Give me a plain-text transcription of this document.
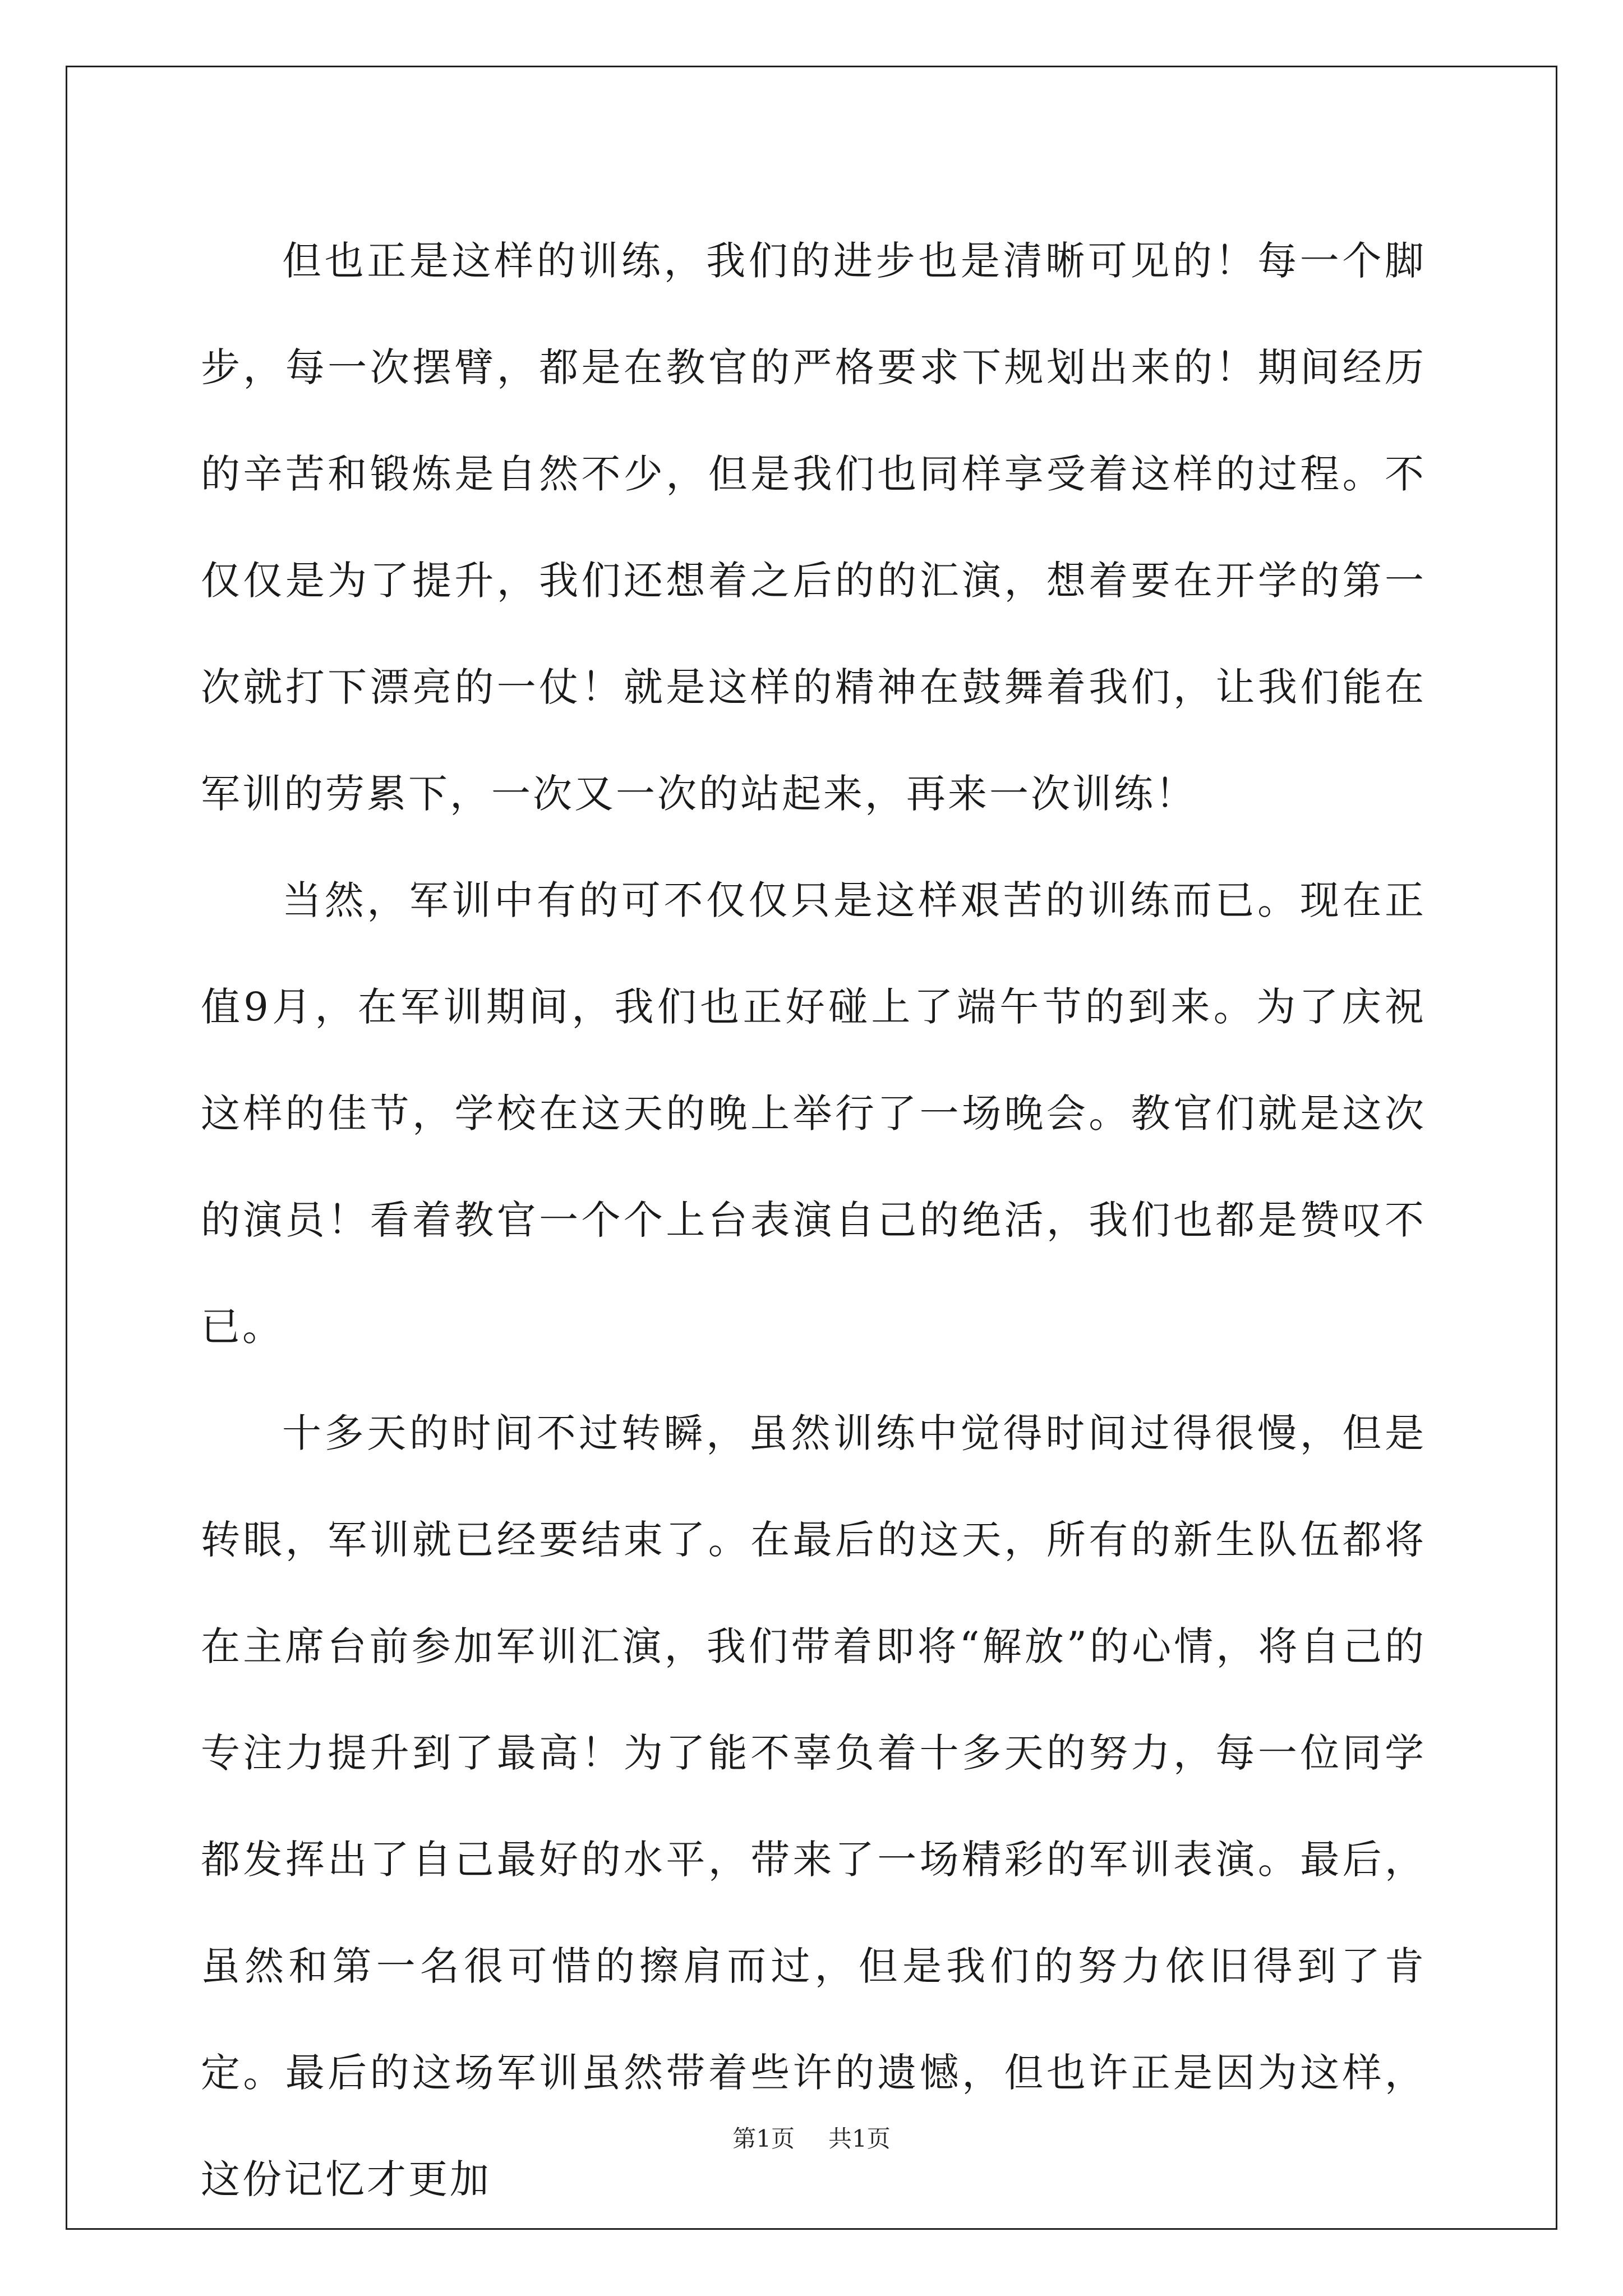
但也正是这样的训练，我们的进步也是清晰可见的！每一个脚步，每一次摆臂，都是在教官的严格要求下规划出来的！期间经历的辛苦和锻炼是自然不少，但是我们也同样享受着这样的过程。不仅仅是为了提升，我们还想着之后的的汇演，想着要在开学的第一次就打下漂亮的一仗！就是这样的精神在鼓舞着我们，让我们能在军训的劳累下，一次又一次的站起来，再来一次训练！

当然，军训中有的可不仅仅只是这样艰苦的训练而已。现在正值9月，在军训期间，我们也正好碰上了端午节的到来。为了庆祝这样的佳节，学校在这天的晚上举行了一场晚会。教官们就是这次的演员！看着教官一个个上台表演自己的绝活，我们也都是赞叹不已。

十多天的时间不过转瞬，虽然训练中觉得时间过得很慢，但是转眼，军训就已经要结束了。在最后的这天，所有的新生队伍都将在主席台前参加军训汇演，我们带着即将“解放”的心情，将自己的专注力提升到了最高！为了能不辜负着十多天的努力，每一位同学都发挥出了自己最好的水平，带来了一场精彩的军训表演。最后，虽然和第一名很可惜的擦肩而过，但是我们的努力依旧得到了肯定。最后的这场军训虽然带着些许的遗憾，但也许正是因为这样，这份记忆才更加

第1页 共1页
